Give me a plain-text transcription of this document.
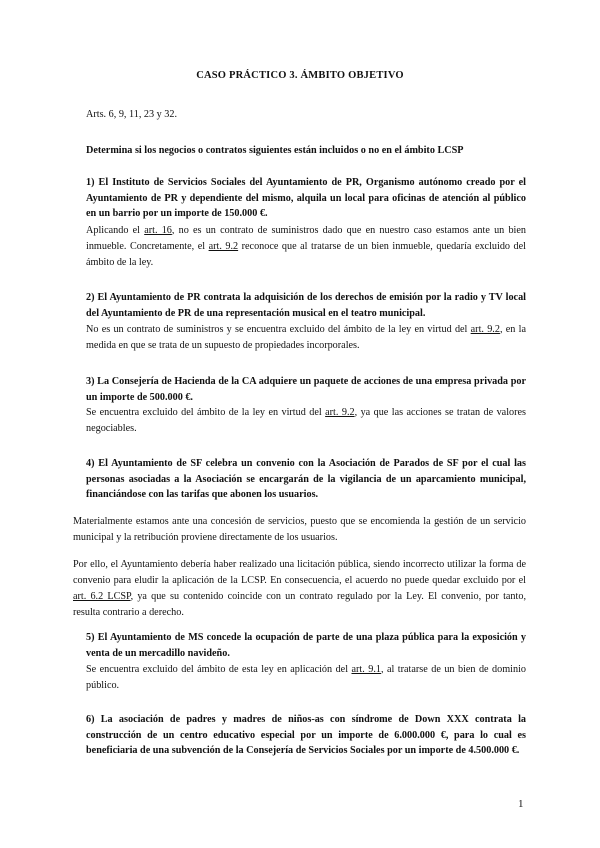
CASO PRÁCTICO 3. ÁMBITO OBJETIVO

Arts. 6, 9, 11, 23 y 32.

Determina si los negocios o contratos siguientes están incluidos o no en el ámbito LCSP

1) El Instituto de Servicios Sociales del Ayuntamiento de PR, Organismo autónomo creado por el Ayuntamiento de PR y dependiente del mismo, alquila un local para oficinas de atención al público en un barrio por un importe de 150.000 €.

Aplicando el art. 16, no es un contrato de suministros dado que en nuestro caso estamos ante un bien inmueble. Concretamente, el art. 9.2 reconoce que al tratarse de un bien inmueble, quedaría excluido del ámbito de la ley.

2) El Ayuntamiento de PR contrata la adquisición de los derechos de emisión por la radio y TV local del Ayuntamiento de PR de una representación musical en el teatro municipal.

No es un contrato de suministros y se encuentra excluido del ámbito de la ley en virtud del art. 9.2, en la medida en que se trata de un supuesto de propiedades incorporales.

3) La Consejería de Hacienda de la CA adquiere un paquete de acciones de una empresa privada por un importe de 500.000 €.

Se encuentra excluido del ámbito de la ley en virtud del art. 9.2, ya que las acciones se tratan de valores negociables.

4) El Ayuntamiento de SF celebra un convenio con la Asociación de Parados de SF por el cual las personas asociadas a la Asociación se encargarán de la vigilancia de un aparcamiento municipal, financiándose con las tarifas que abonen los usuarios.

Materialmente estamos ante una concesión de servicios, puesto que se encomienda la gestión de un servicio municipal y la retribución proviene directamente de los usuarios.

Por ello, el Ayuntamiento debería haber realizado una licitación pública, siendo incorrecto utilizar la forma de convenio para eludir la aplicación de la LCSP. En consecuencia, el acuerdo no puede quedar excluido por el art. 6.2 LCSP, ya que su contenido coincide con un contrato regulado por la Ley. El convenio, por tanto, resulta contrario a derecho.

5) El Ayuntamiento de MS concede la ocupación de parte de una plaza pública para la exposición y venta de un mercadillo navideño.

Se encuentra excluido del ámbito de esta ley en aplicación del art. 9.1, al tratarse de un bien de dominio público.

6) La asociación de padres y madres de niños-as con síndrome de Down XXX contrata la construcción de un centro educativo especial por un importe de 6.000.000 €, para lo cual es beneficiaria de una subvención de la Consejería de Servicios Sociales por un importe de 4.500.000 €.

1
